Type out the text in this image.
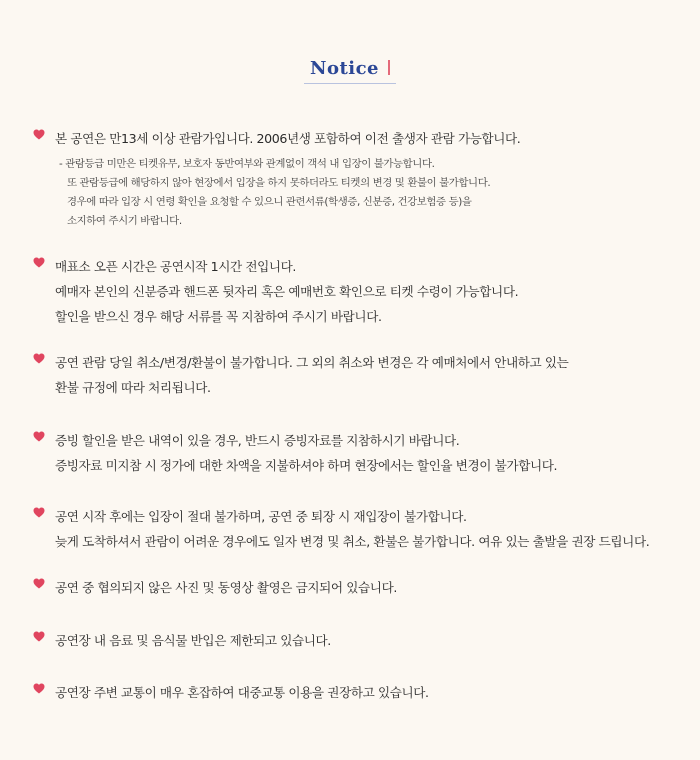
Notice
본 공연은 만13세 이상 관람가입니다. 2006년생 포함하여 이전 출생자 관람 가능합니다.
- 관람등급 미만은 티켓유무, 보호자 동반여부와 관계없이 객석 내 입장이 불가능합니다.
또 관람등급에 해당하지 않아 현장에서 입장을 하지 못하더라도 티켓의 변경 및 환불이 불가합니다.
경우에 따라 입장 시 연령 확인을 요청할 수 있으니 관련서류(학생증, 신분증, 건강보험증 등)을
소지하여 주시기 바랍니다.
매표소 오픈 시간은 공연시작 1시간 전입니다.
예매자 본인의 신분증과 핸드폰 뒷자리 혹은 예매번호 확인으로 티켓 수령이 가능합니다.
할인을 받으신 경우 해당 서류를 꼭 지참하여 주시기 바랍니다.
공연 관람 당일 취소/변경/환불이 불가합니다. 그 외의 취소와 변경은 각 예매처에서 안내하고 있는
환불 규정에 따라 처리됩니다.
증빙 할인을 받은 내역이 있을 경우, 반드시 증빙자료를 지참하시기 바랍니다.
증빙자료 미지참 시 정가에 대한 차액을 지불하셔야 하며 현장에서는 할인율 변경이 불가합니다.
공연 시작 후에는 입장이 절대 불가하며, 공연 중 퇴장 시 재입장이 불가합니다.
늦게 도착하셔서 관람이 어려운 경우에도 일자 변경 및 취소, 환불은 불가합니다. 여유 있는 출발을 권장 드립니다.
공연 중 협의되지 않은 사진 및 동영상 촬영은 금지되어 있습니다.
공연장 내 음료 및 음식물 반입은 제한되고 있습니다.
공연장 주변 교통이 매우 혼잡하여 대중교통 이용을 권장하고 있습니다.
